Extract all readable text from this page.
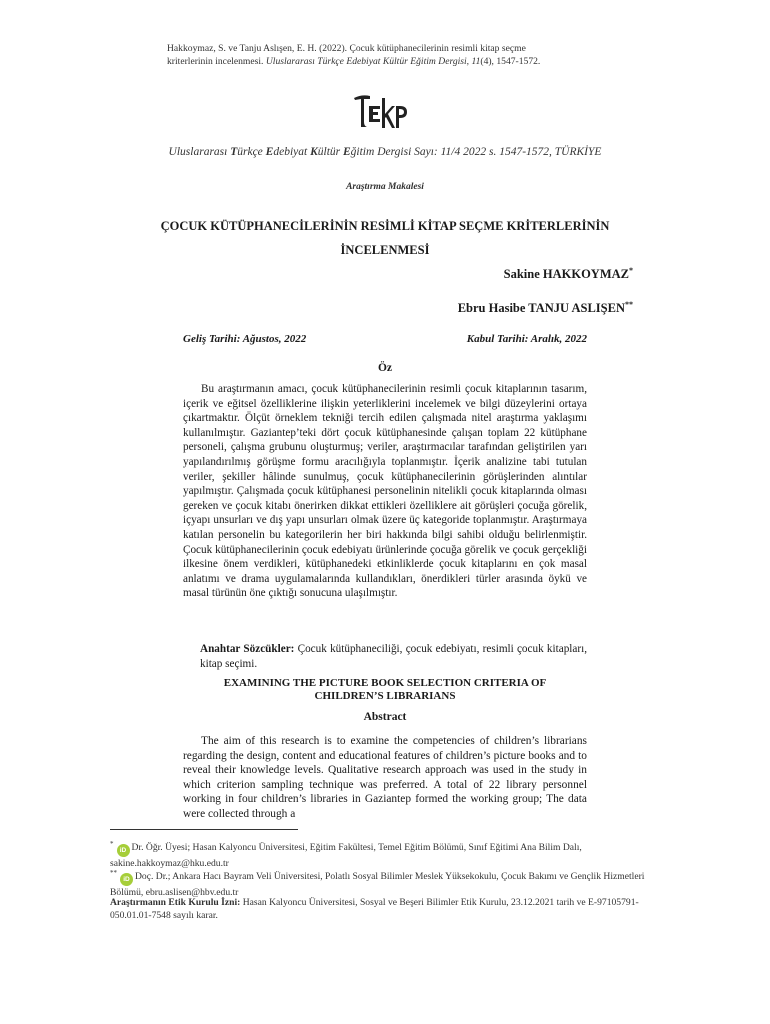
Hakkoymaz, S. ve Tanju Aslışen, E. H. (2022). Çocuk kütüphanecilerinin resimli kitap seçme
kriterlerinin incelenmesi. Uluslararası Türkçe Edebiyat Kültür Eğitim Dergisi, 11(4), 1547-1572.
Uluslararası Türkçe Edebiyat Kültür Eğitim Dergisi Sayı: 11/4 2022 s. 1547-1572, TÜRKİYE
Araştırma Makalesi
ÇOCUK KÜTÜPHANECİLERİNİN RESİMLİ KİTAP SEÇME KRİTERLERİNİN
İNCELENMESİ
Sakine HAKKOYMAZ*
Ebru Hasibe TANJU ASLIŞEN**
Geliş Tarihi: Ağustos, 2022	Kabul Tarihi: Aralık, 2022
Öz
Bu araştırmanın amacı, çocuk kütüphanecilerinin resimli çocuk kitaplarının tasarım, içerik ve eğitsel özelliklerine ilişkin yeterliklerini incelemek ve bilgi düzeylerini ortaya çıkartmaktır. Ölçüt örneklem tekniği tercih edilen çalışmada nitel araştırma yaklaşımı kullanılmıştır. Gaziantep’teki dört çocuk kütüphanesinde çalışan toplam 22 kütüphane personeli, çalışma grubunu oluşturmuş; veriler, araştırmacılar tarafından geliştirilen yarı yapılandırılmış görüşme formu aracılığıyla toplanmıştır. İçerik analizine tabi tutulan veriler, şekiller hâlinde sunulmuş, çocuk kütüphanecilerinin görüşlerinden alıntılar yapılmıştır. Çalışmada çocuk kütüphanesi personelinin nitelikli çocuk kitaplarında olması gereken ve çocuk kitabı önerirken dikkat ettikleri özelliklere ait görüşleri çocuğa görelik, içyapı unsurları ve dış yapı unsurları olmak üzere üç kategoride toplanmıştır. Araştırmaya katılan personelin bu kategorilerin her biri hakkında bilgi sahibi olduğu belirlenmiştir. Çocuk kütüphanecilerinin çocuk edebiyatı ürünlerinde çocuğa görelik ve çocuk gerçekliği ilkesine önem verdikleri, kütüphanedeki etkinliklerde çocuk kitaplarını en çok masal anlatımı ve drama uygulamalarında kullandıkları, önerdikleri türler arasında öykü ve masal türünün öne çıktığı sonucuna ulaşılmıştır.
Anahtar Sözcükler: Çocuk kütüphaneciliği, çocuk edebiyatı, resimli çocuk kitapları, kitap seçimi.
EXAMINING THE PICTURE BOOK SELECTION CRITERIA OF
CHILDREN’S LIBRARIANS
Abstract
The aim of this research is to examine the competencies of children’s librarians regarding the design, content and educational features of children’s picture books and to reveal their knowledge levels. Qualitative research approach was used in the study in which criterion sampling technique was preferred. A total of 22 library personnel working in four children’s libraries in Gaziantep formed the working group; The data were collected through a
*iD Dr. Öğr. Üyesi; Hasan Kalyoncu Üniversitesi, Eğitim Fakültesi, Temel Eğitim Bölümü, Sınıf Eğitimi Ana Bilim Dalı, sakine.hakkoymaz@hku.edu.tr
**iD Doç. Dr.; Ankara Hacı Bayram Veli Üniversitesi, Polatlı Sosyal Bilimler Meslek Yüksekokulu, Çocuk Bakımı ve Gençlik Hizmetleri Bölümü, ebru.aslisen@hbv.edu.tr
Araştırmanın Etik Kurulu İzni: Hasan Kalyoncu Üniversitesi, Sosyal ve Beşeri Bilimler Etik Kurulu, 23.12.2021 tarih ve E-97105791-050.01.01-7548 sayılı karar.
